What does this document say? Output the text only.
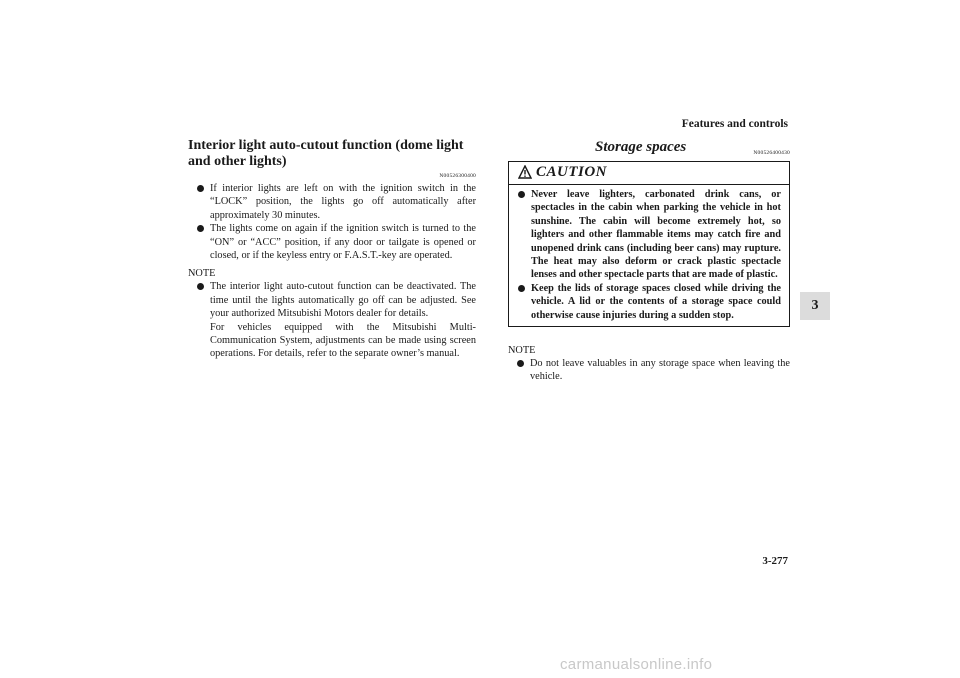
Features and controls
3
Interior light auto-cutout function (dome light and other lights)
N00526300400
If interior lights are left on with the ignition switch in the “LOCK” position, the lights go off automatically after approximately 30 minutes.
The lights come on again if the ignition switch is turned to the “ON” or “ACC” position, if any door or tailgate is opened or closed, or if the keyless entry or F.A.S.T.-key are operated.
NOTE
The interior light auto-cutout function can be deactivated. The time until the lights automatically go off can be adjusted. See your authorized Mitsubishi Motors dealer for details.
For vehicles equipped with the Mitsubishi Multi-Communication System, adjustments can be made using screen operations. For details, refer to the separate owner’s manual.
Storage spaces	N00526400430
CAUTION
Never leave lighters, carbonated drink cans, or spectacles in the cabin when parking the vehicle in hot sunshine. The cabin will become extremely hot, so lighters and other flammable items may catch fire and unopened drink cans (including beer cans) may rupture. The heat may also deform or crack plastic spectacle lenses and other spectacle parts that are made of plastic.
Keep the lids of storage spaces closed while driving the vehicle. A lid or the contents of a storage space could otherwise cause injuries during a sudden stop.
NOTE
Do not leave valuables in any storage space when leaving the vehicle.
3-277
carmanualsonline.info
